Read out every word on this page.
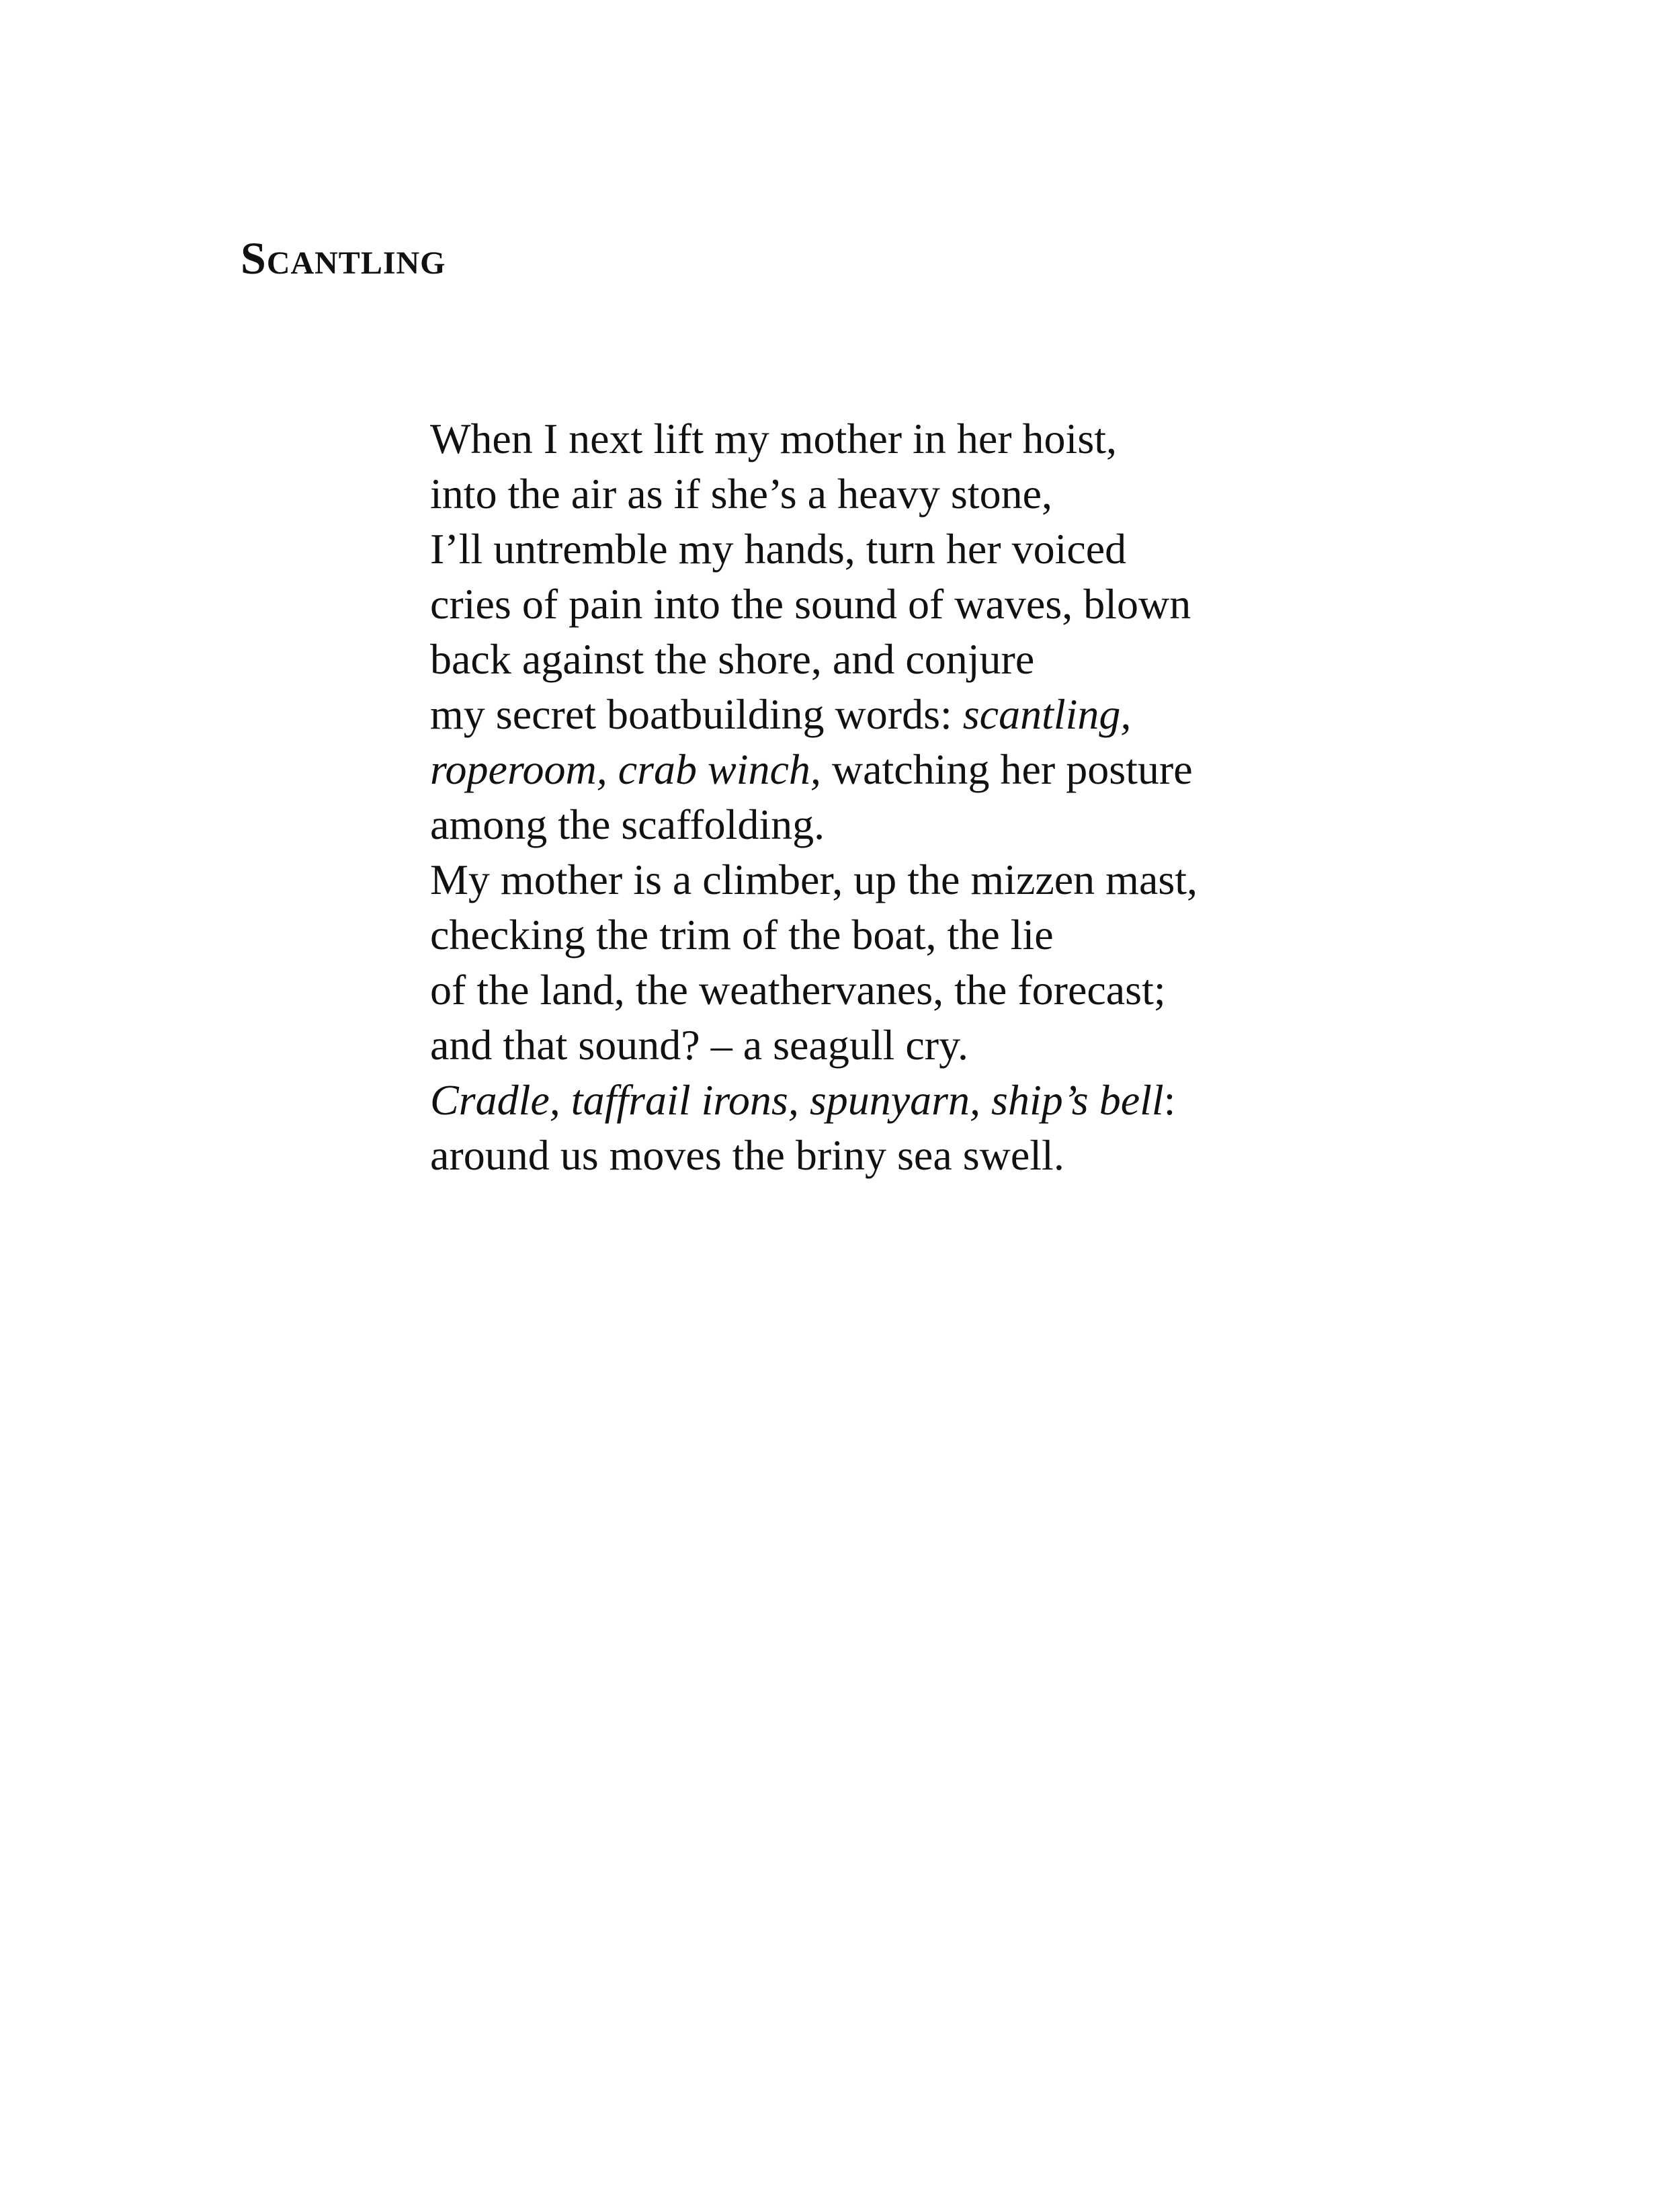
Scantling
When I next lift my mother in her hoist,
into the air as if she’s a heavy stone,
I’ll untremble my hands, turn her voiced
cries of pain into the sound of waves, blown
back against the shore, and conjure
my secret boatbuilding words: scantling,
roperoom, crab winch, watching her posture
among the scaffolding.
My mother is a climber, up the mizzen mast,
checking the trim of the boat, the lie
of the land, the weathervanes, the forecast;
and that sound? – a seagull cry.
Cradle, taffrail irons, spunyarn, ship’s bell:
around us moves the briny sea swell.
